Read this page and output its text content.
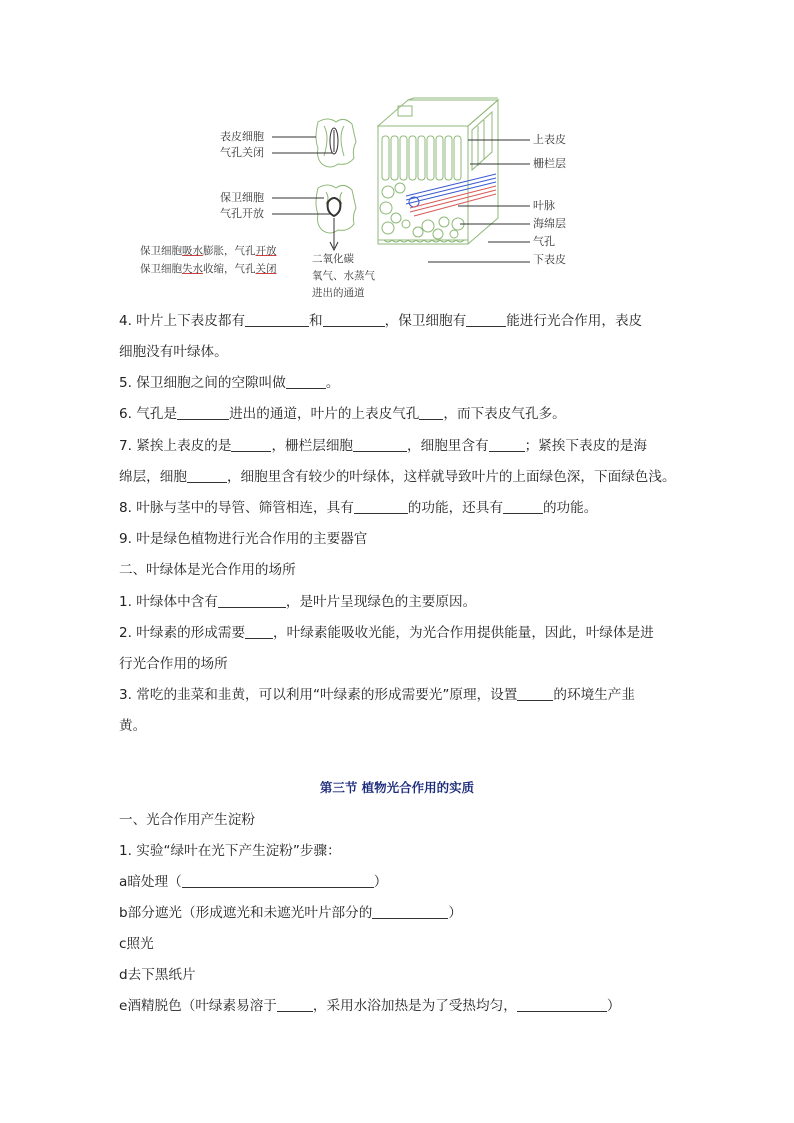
表皮细胞
气孔关闭
保卫细胞
气孔开放
保卫细胞吸水膨胀，气孔开放
保卫细胞失水收缩，气孔关闭
二氧化碳
氧气、水蒸气
进出的通道
上表皮
栅栏层
叶脉
海绵层
气孔
下表皮
4. 叶片上下表皮都有	和	，保卫细胞有	能进行光合作用，表皮
细胞没有叶绿体。
5. 保卫细胞之间的空隙叫做	。
6. 气孔是	进出的通道，叶片的上表皮气孔 ，而下表皮气孔多。
7. 紧挨上表皮的是	，栅栏层细胞	，细胞里含有	；紧挨下表皮的是海
绵层，细胞	，细胞里含有较少的叶绿体，这样就导致叶片的上面绿色深，下面绿色浅。
8. 叶脉与茎中的导管、筛管相连，具有	的功能，还具有	的功能。
9. 叶是绿色植物进行光合作用的主要器官
二、叶绿体是光合作用的场所
1. 叶绿体中含有	，是叶片呈现绿色的主要原因。
2. 叶绿素的形成需要 ，叶绿素能吸收光能，为光合作用提供能量，因此，叶绿体是进
行光合作用的场所
3. 常吃的韭菜和韭黄，可以利用“叶绿素的形成需要光”原理，设置	的环境生产韭
黄。
第三节 植物光合作用的实质
一、光合作用产生淀粉
1. 实验“绿叶在光下产生淀粉”步骤：
a暗处理（	）
b部分遮光（形成遮光和未遮光叶片部分的	）
c照光
d去下黑纸片
e酒精脱色（叶绿素易溶于	，采用水浴加热是为了受热均匀，	）
